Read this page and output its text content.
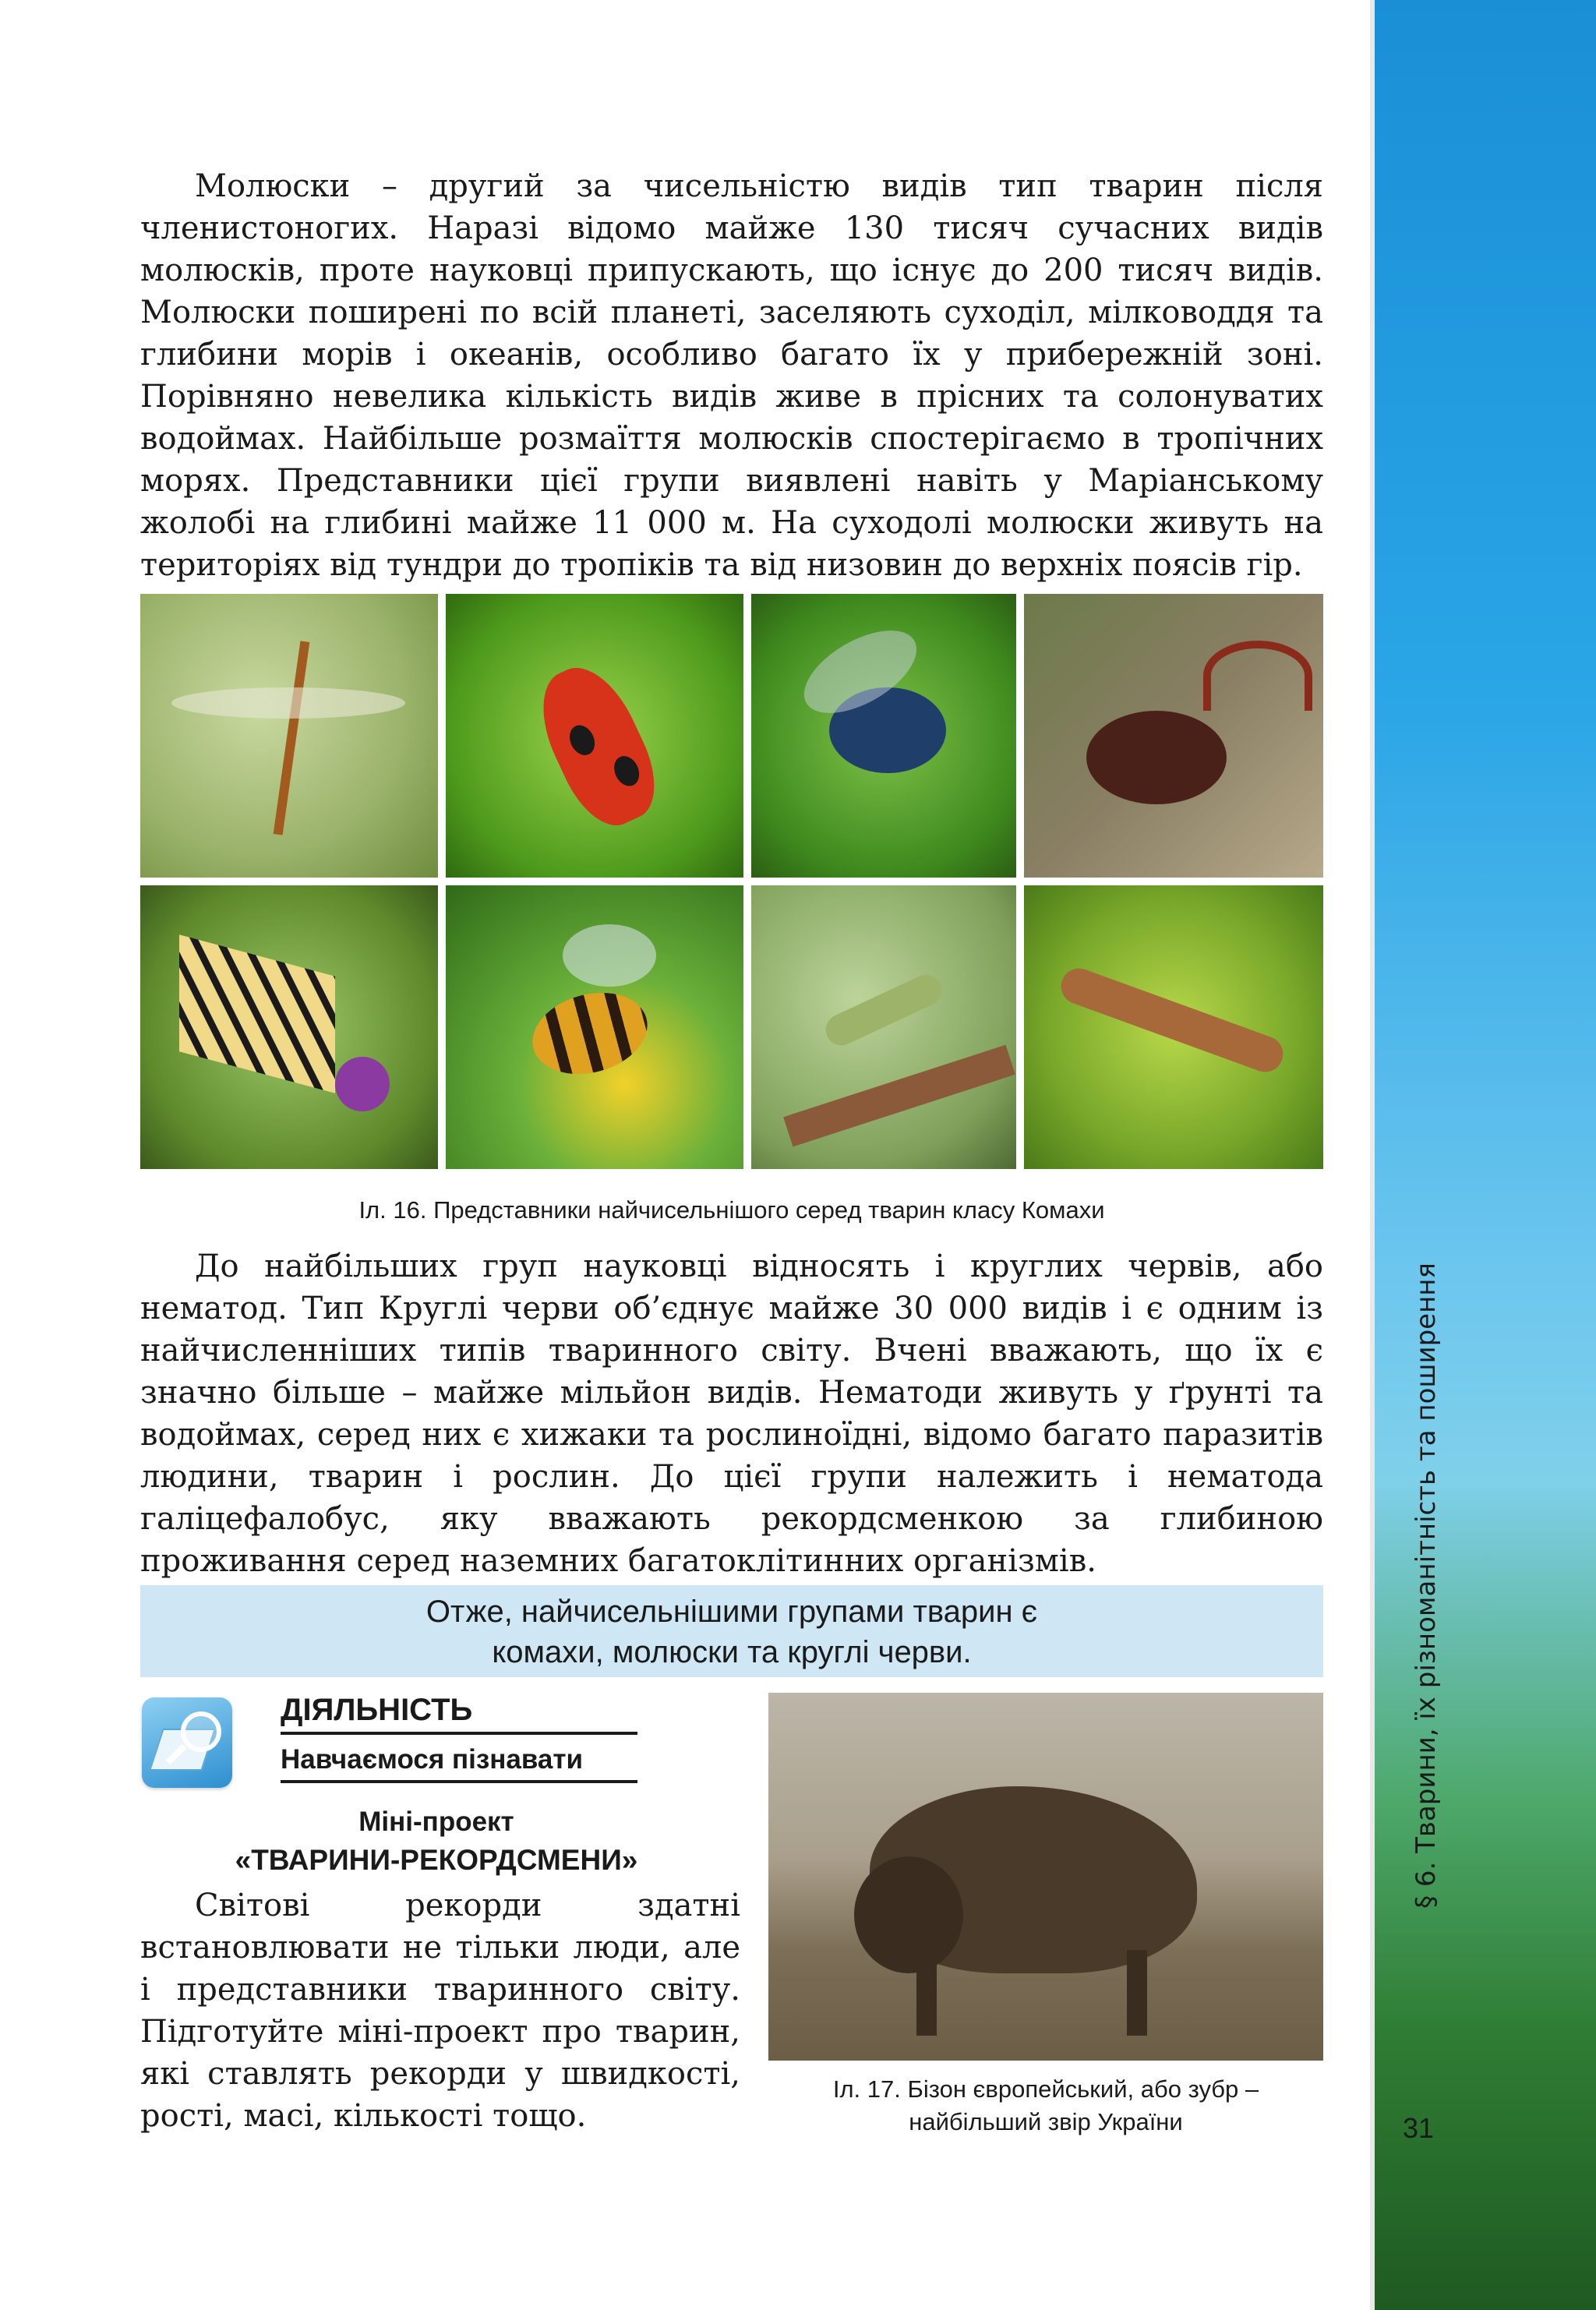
§ 6. Тварини, їх різноманітність та поширення
31

Молюски – другий за чисельністю видів тип тварин після членистоногих. Наразі відомо майже 130 тисяч сучасних видів молюсків, проте науковці припускають, що існує до 200 тисяч видів. Молюски поширені по всій планеті, заселяють суходіл, мілководдя та глибини морів і океанів, особливо багато їх у прибережній зоні. Порівняно невелика кількість видів живе в прісних та солонуватих водоймах. Найбільше розмаїття молюсків спостерігаємо в тропічних морях. Представники цієї групи виявлені навіть у Маріанському жолобі на глибині майже 11 000 м. На суходолі молюски живуть на територіях від тундри до тропіків та від низовин до верхніх поясів гір.

Іл. 16. Представники найчисельнішого серед тварин класу Комахи

До найбільших груп науковці відносять і круглих червів, або нематод. Тип Круглі черви об’єднує майже 30 000 видів і є одним із найчисленніших типів тваринного світу. Вчені вважають, що їх є значно більше – майже мільйон видів. Нематоди живуть у ґрунті та водоймах, серед них є хижаки та рослиноїдні, відомо багато паразитів людини, тварин і рослин. До цієї групи належить і нематода галіцефалобус, яку вважають рекордсменкою за глибиною проживання серед наземних багатоклітинних організмів.

Отже, найчисельнішими групами тварин є
комахи, молюски та круглі черви.
ДІЯЛЬНІСТЬ
Навчаємося пізнавати
Міні-проект
«ТВАРИНИ-РЕКОРДСМЕНИ»

Світові рекорди здатні встановлювати не тільки люди, але і представники тваринного світу. Підготуйте міні-проект про тварин, які ставлять рекорди у швидкості, рості, масі, кількості тощо.

Іл. 17. Бізон європейський, або зубр –
найбільший звір України
